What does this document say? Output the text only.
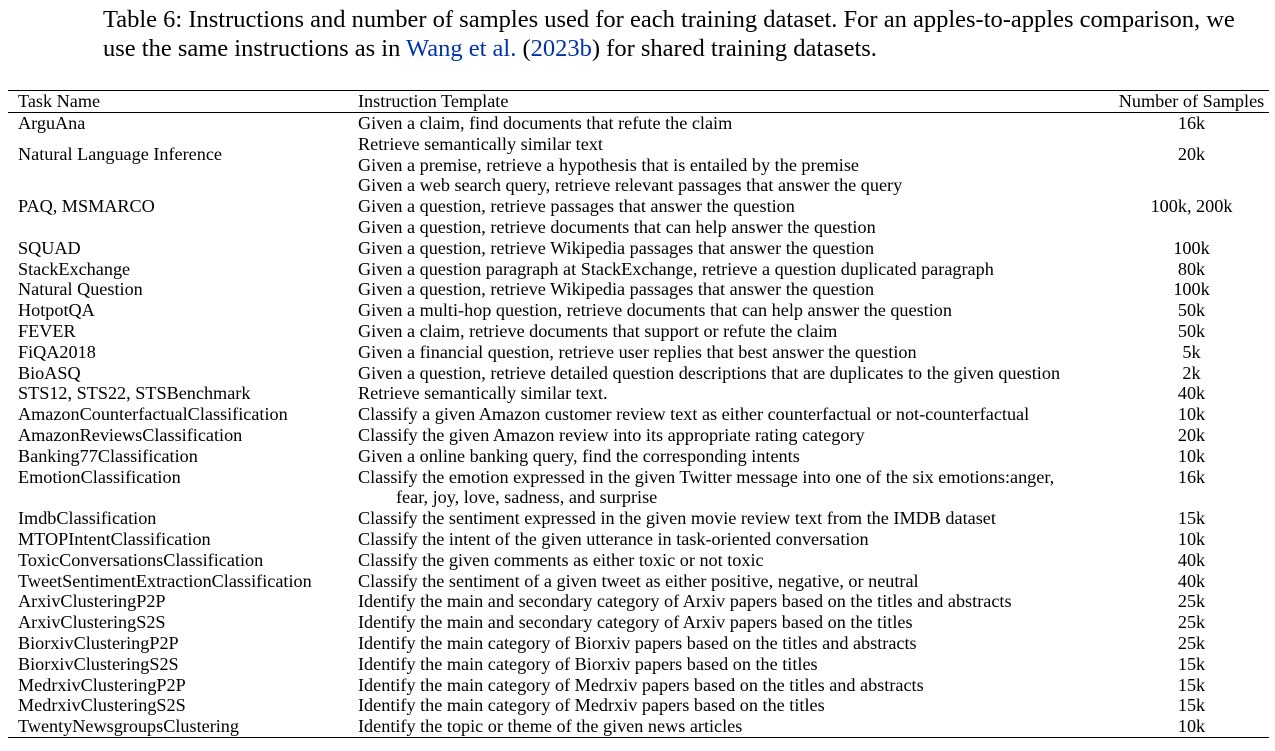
Table 6: Instructions and number of samples used for each training dataset. For an apples-to-apples comparison, we use the same instructions as in Wang et al. (2023b) for shared training datasets.
Task Name	Instruction Template	Number of Samples
ArguAna	Given a claim, find documents that refute the claim	16k
Natural Language Inference	Retrieve semantically similar text
Given a premise, retrieve a hypothesis that is entailed by the premise	20k
PAQ, MSMARCO	Given a web search query, retrieve relevant passages that answer the query
Given a question, retrieve passages that answer the question
Given a question, retrieve documents that can help answer the question	100k, 200k
SQUAD	Given a question, retrieve Wikipedia passages that answer the question	100k
StackExchange	Given a question paragraph at StackExchange, retrieve a question duplicated paragraph	80k
Natural Question	Given a question, retrieve Wikipedia passages that answer the question	100k
HotpotQA	Given a multi-hop question, retrieve documents that can help answer the question	50k
FEVER	Given a claim, retrieve documents that support or refute the claim	50k
FiQA2018	Given a financial question, retrieve user replies that best answer the question	5k
BioASQ	Given a question, retrieve detailed question descriptions that are duplicates to the given question	2k
STS12, STS22, STSBenchmark	Retrieve semantically similar text.	40k
AmazonCounterfactualClassification	Classify a given Amazon customer review text as either counterfactual or not-counterfactual	10k
AmazonReviewsClassification	Classify the given Amazon review into its appropriate rating category	20k
Banking77Classification	Given a online banking query, find the corresponding intents	10k
EmotionClassification	Classify the emotion expressed in the given Twitter message into one of the six emotions:anger,
fear, joy, love, sadness, and surprise	16k
ImdbClassification	Classify the sentiment expressed in the given movie review text from the IMDB dataset	15k
MTOPIntentClassification	Classify the intent of the given utterance in task-oriented conversation	10k
ToxicConversationsClassification	Classify the given comments as either toxic or not toxic	40k
TweetSentimentExtractionClassification	Classify the sentiment of a given tweet as either positive, negative, or neutral	40k
ArxivClusteringP2P	Identify the main and secondary category of Arxiv papers based on the titles and abstracts	25k
ArxivClusteringS2S	Identify the main and secondary category of Arxiv papers based on the titles	25k
BiorxivClusteringP2P	Identify the main category of Biorxiv papers based on the titles and abstracts	25k
BiorxivClusteringS2S	Identify the main category of Biorxiv papers based on the titles	15k
MedrxivClusteringP2P	Identify the main category of Medrxiv papers based on the titles and abstracts	15k
MedrxivClusteringS2S	Identify the main category of Medrxiv papers based on the titles	15k
TwentyNewsgroupsClustering	Identify the topic or theme of the given news articles	10k
